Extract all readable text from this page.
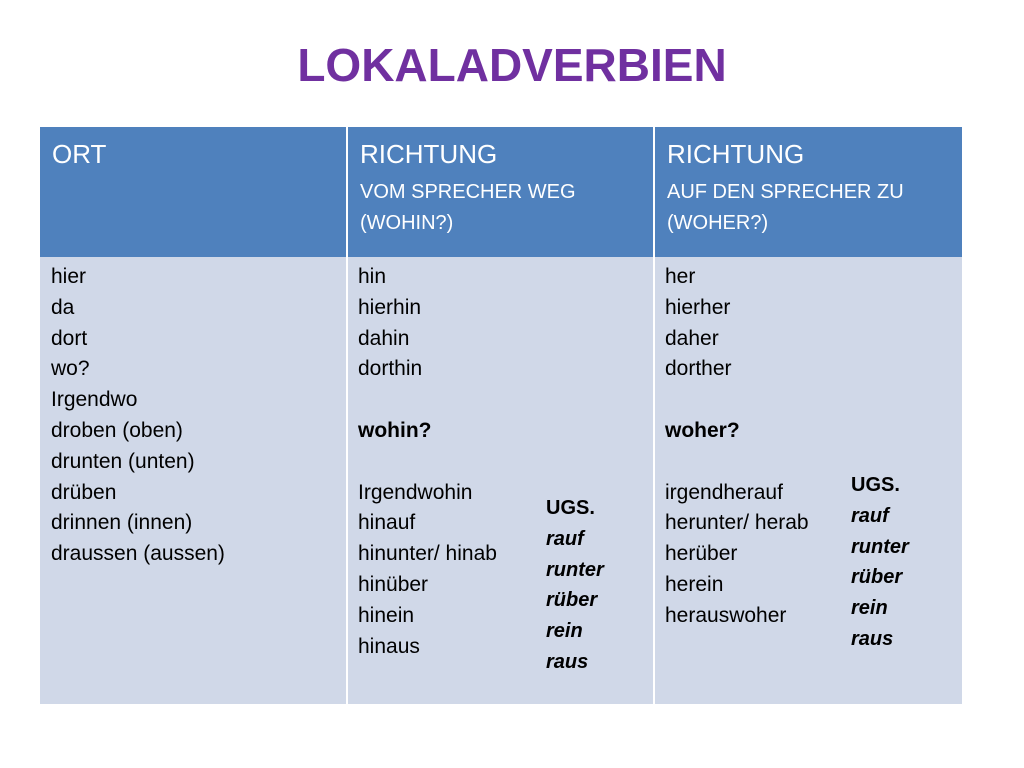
LOKALADVERBIEN
ORT	RICHTUNG
VOM SPRECHER WEG
(WOHIN?)
RICHTUNG
AUF DEN SPRECHER ZU
(WOHER?)
hier
da
dort
wo?
Irgendwo
droben (oben)
drunten (unten)
drüben
drinnen (innen)
draussen (aussen)
hin
hierhin
dahin
dorthin
wohin?
Irgendwohin
hinauf
hinunter/ hinab
hinüber
hinein
hinaus
UGS.
rauf
runter
rüber
rein
raus
her
hierher
daher
dorther
woher?
irgendherauf
herunter/ herab
herüber
herein
herauswoher
UGS.
rauf
runter
rüber
rein
raus
